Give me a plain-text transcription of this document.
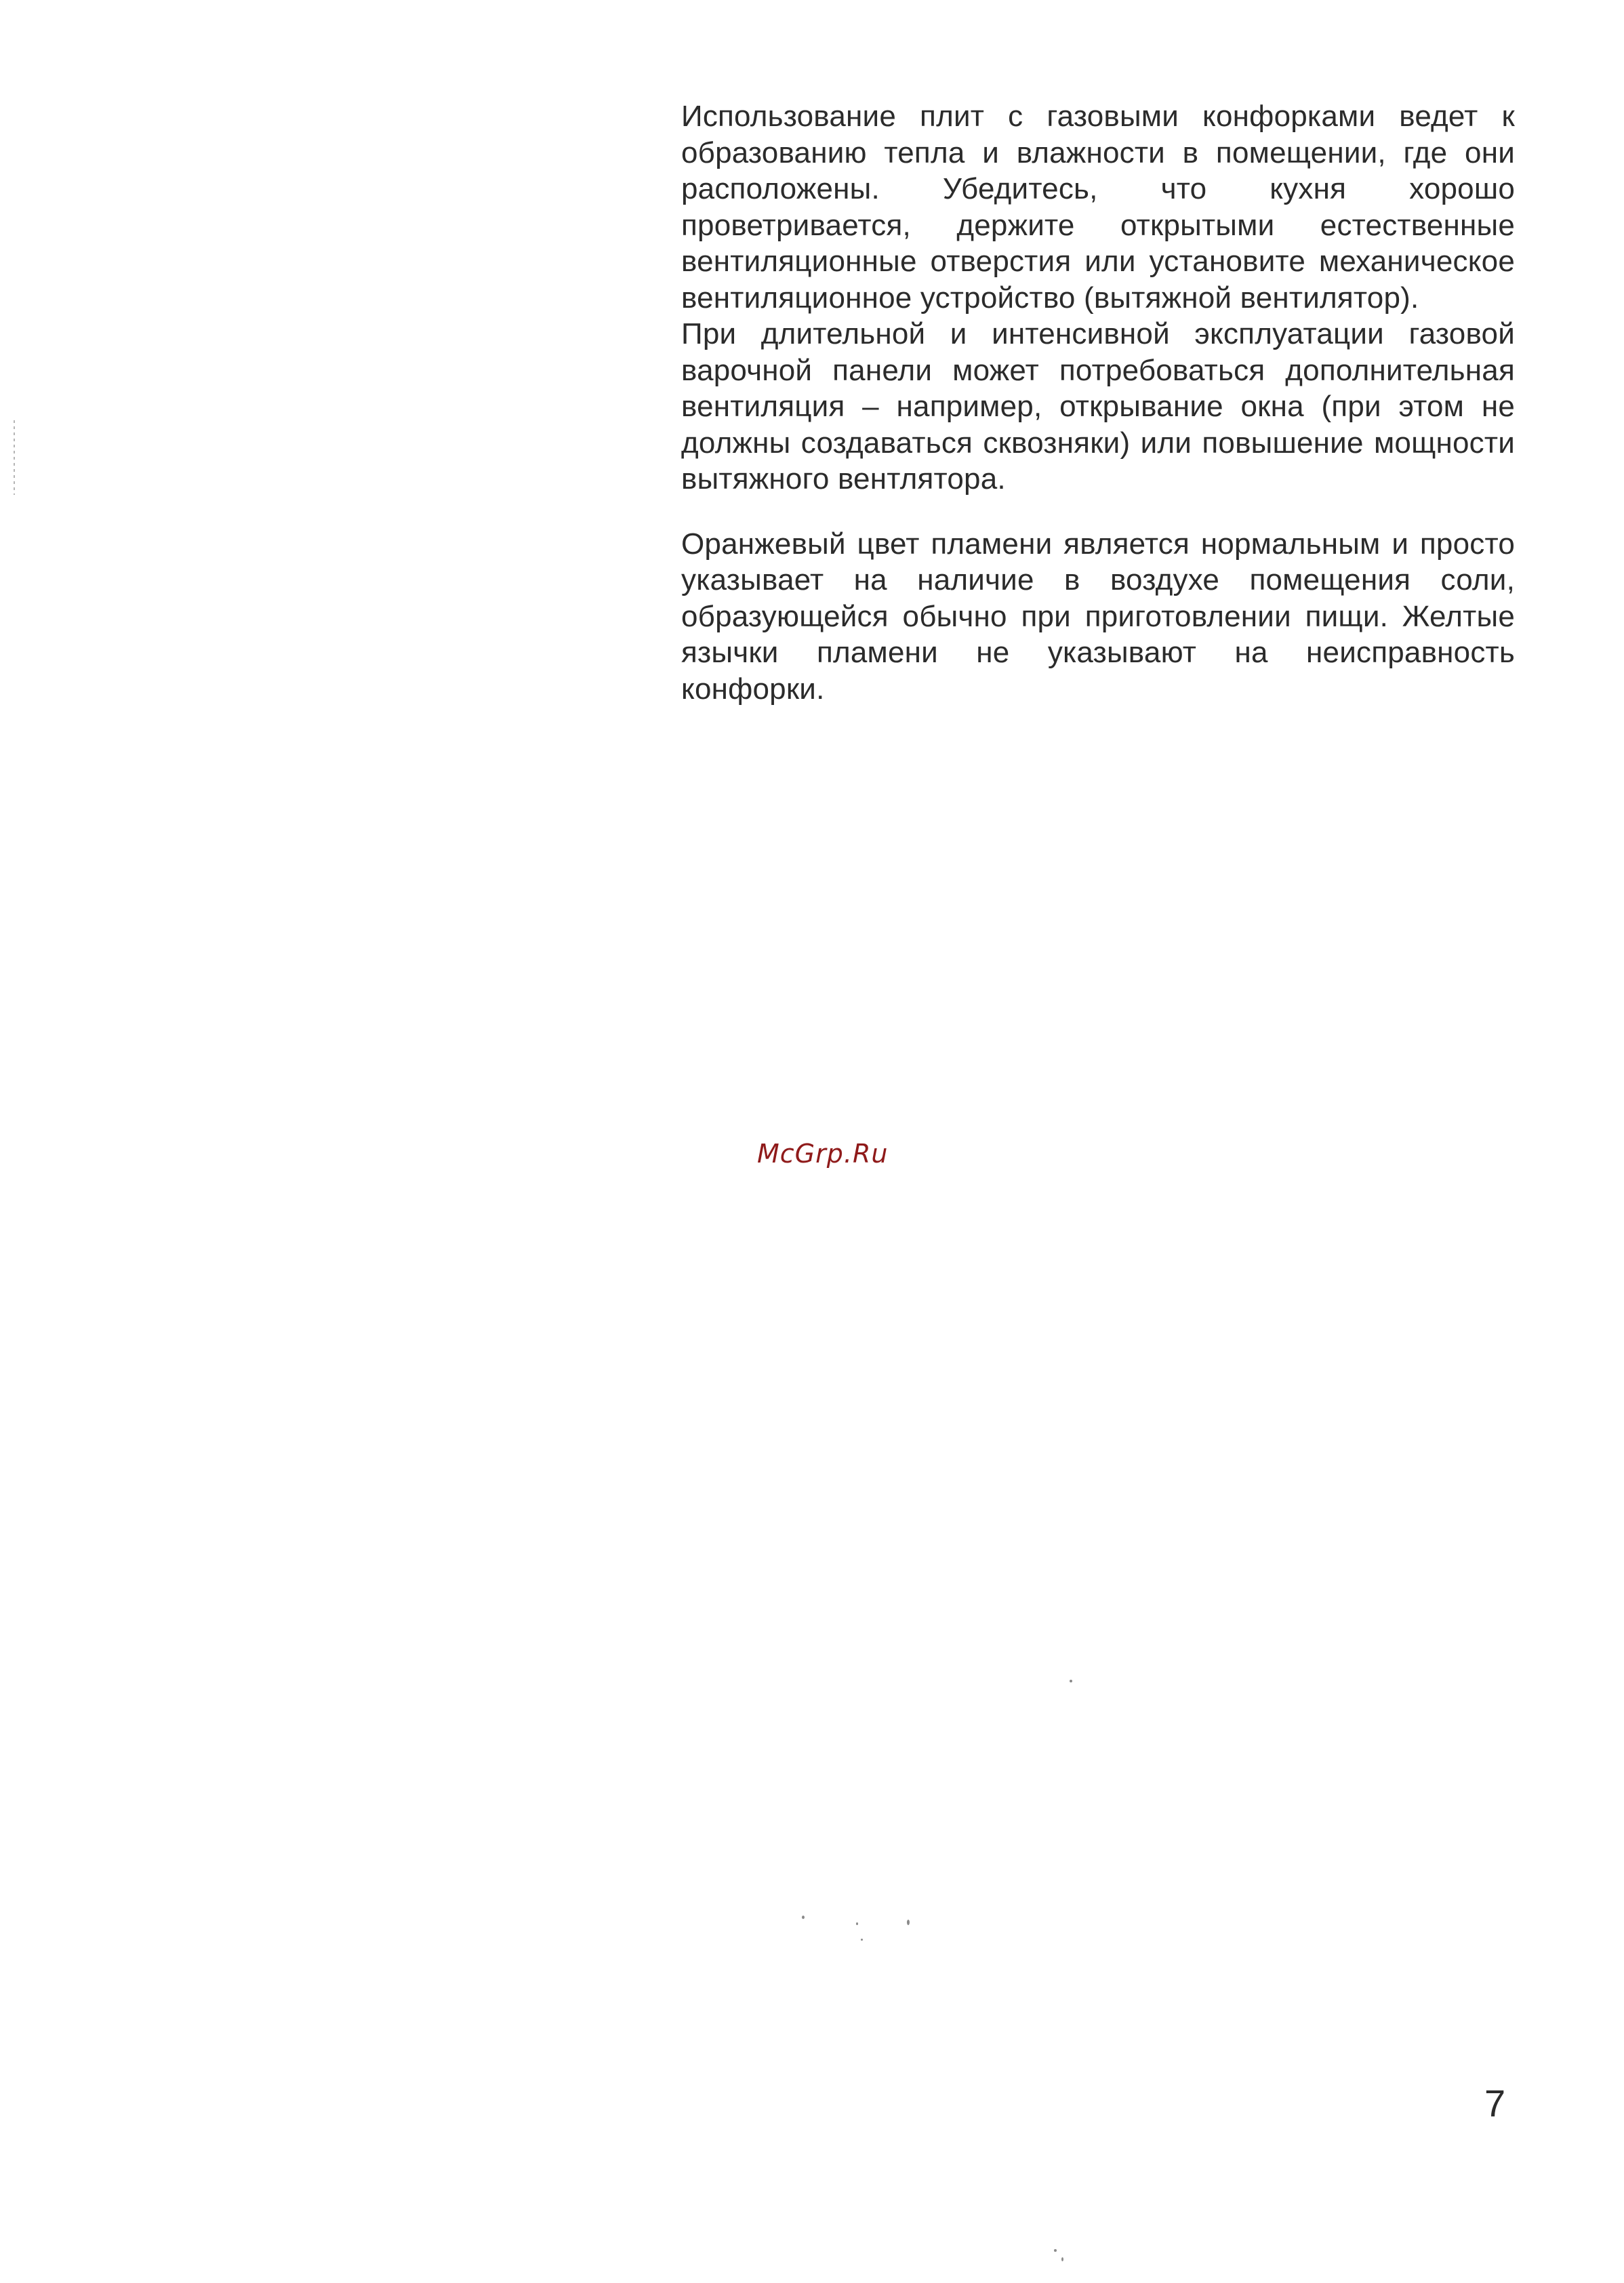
Использование плит с газовыми конфорками ведет к образованию тепла и влажности в помещении, где они расположены. Убедитесь, что кухня хорошо проветривается, держите открытыми естественные вентиляционные отверстия или установите механическое вентиляционное устройство (вытяжной вентилятор).

При длительной и интенсивной эксплуатации газовой варочной панели может потребоваться дополнительная вентиляция – например, открывание окна (при этом не должны создаваться сквозняки) или повышение мощности вытяжного вентлятора.

Оранжевый цвет пламени является нормальным и просто указывает на наличие в воздухе помещения соли, образующейся обычно при приготовлении пищи. Желтые язычки пламени не указывают на неисправность конфорки.

McGrp.Ru
7
